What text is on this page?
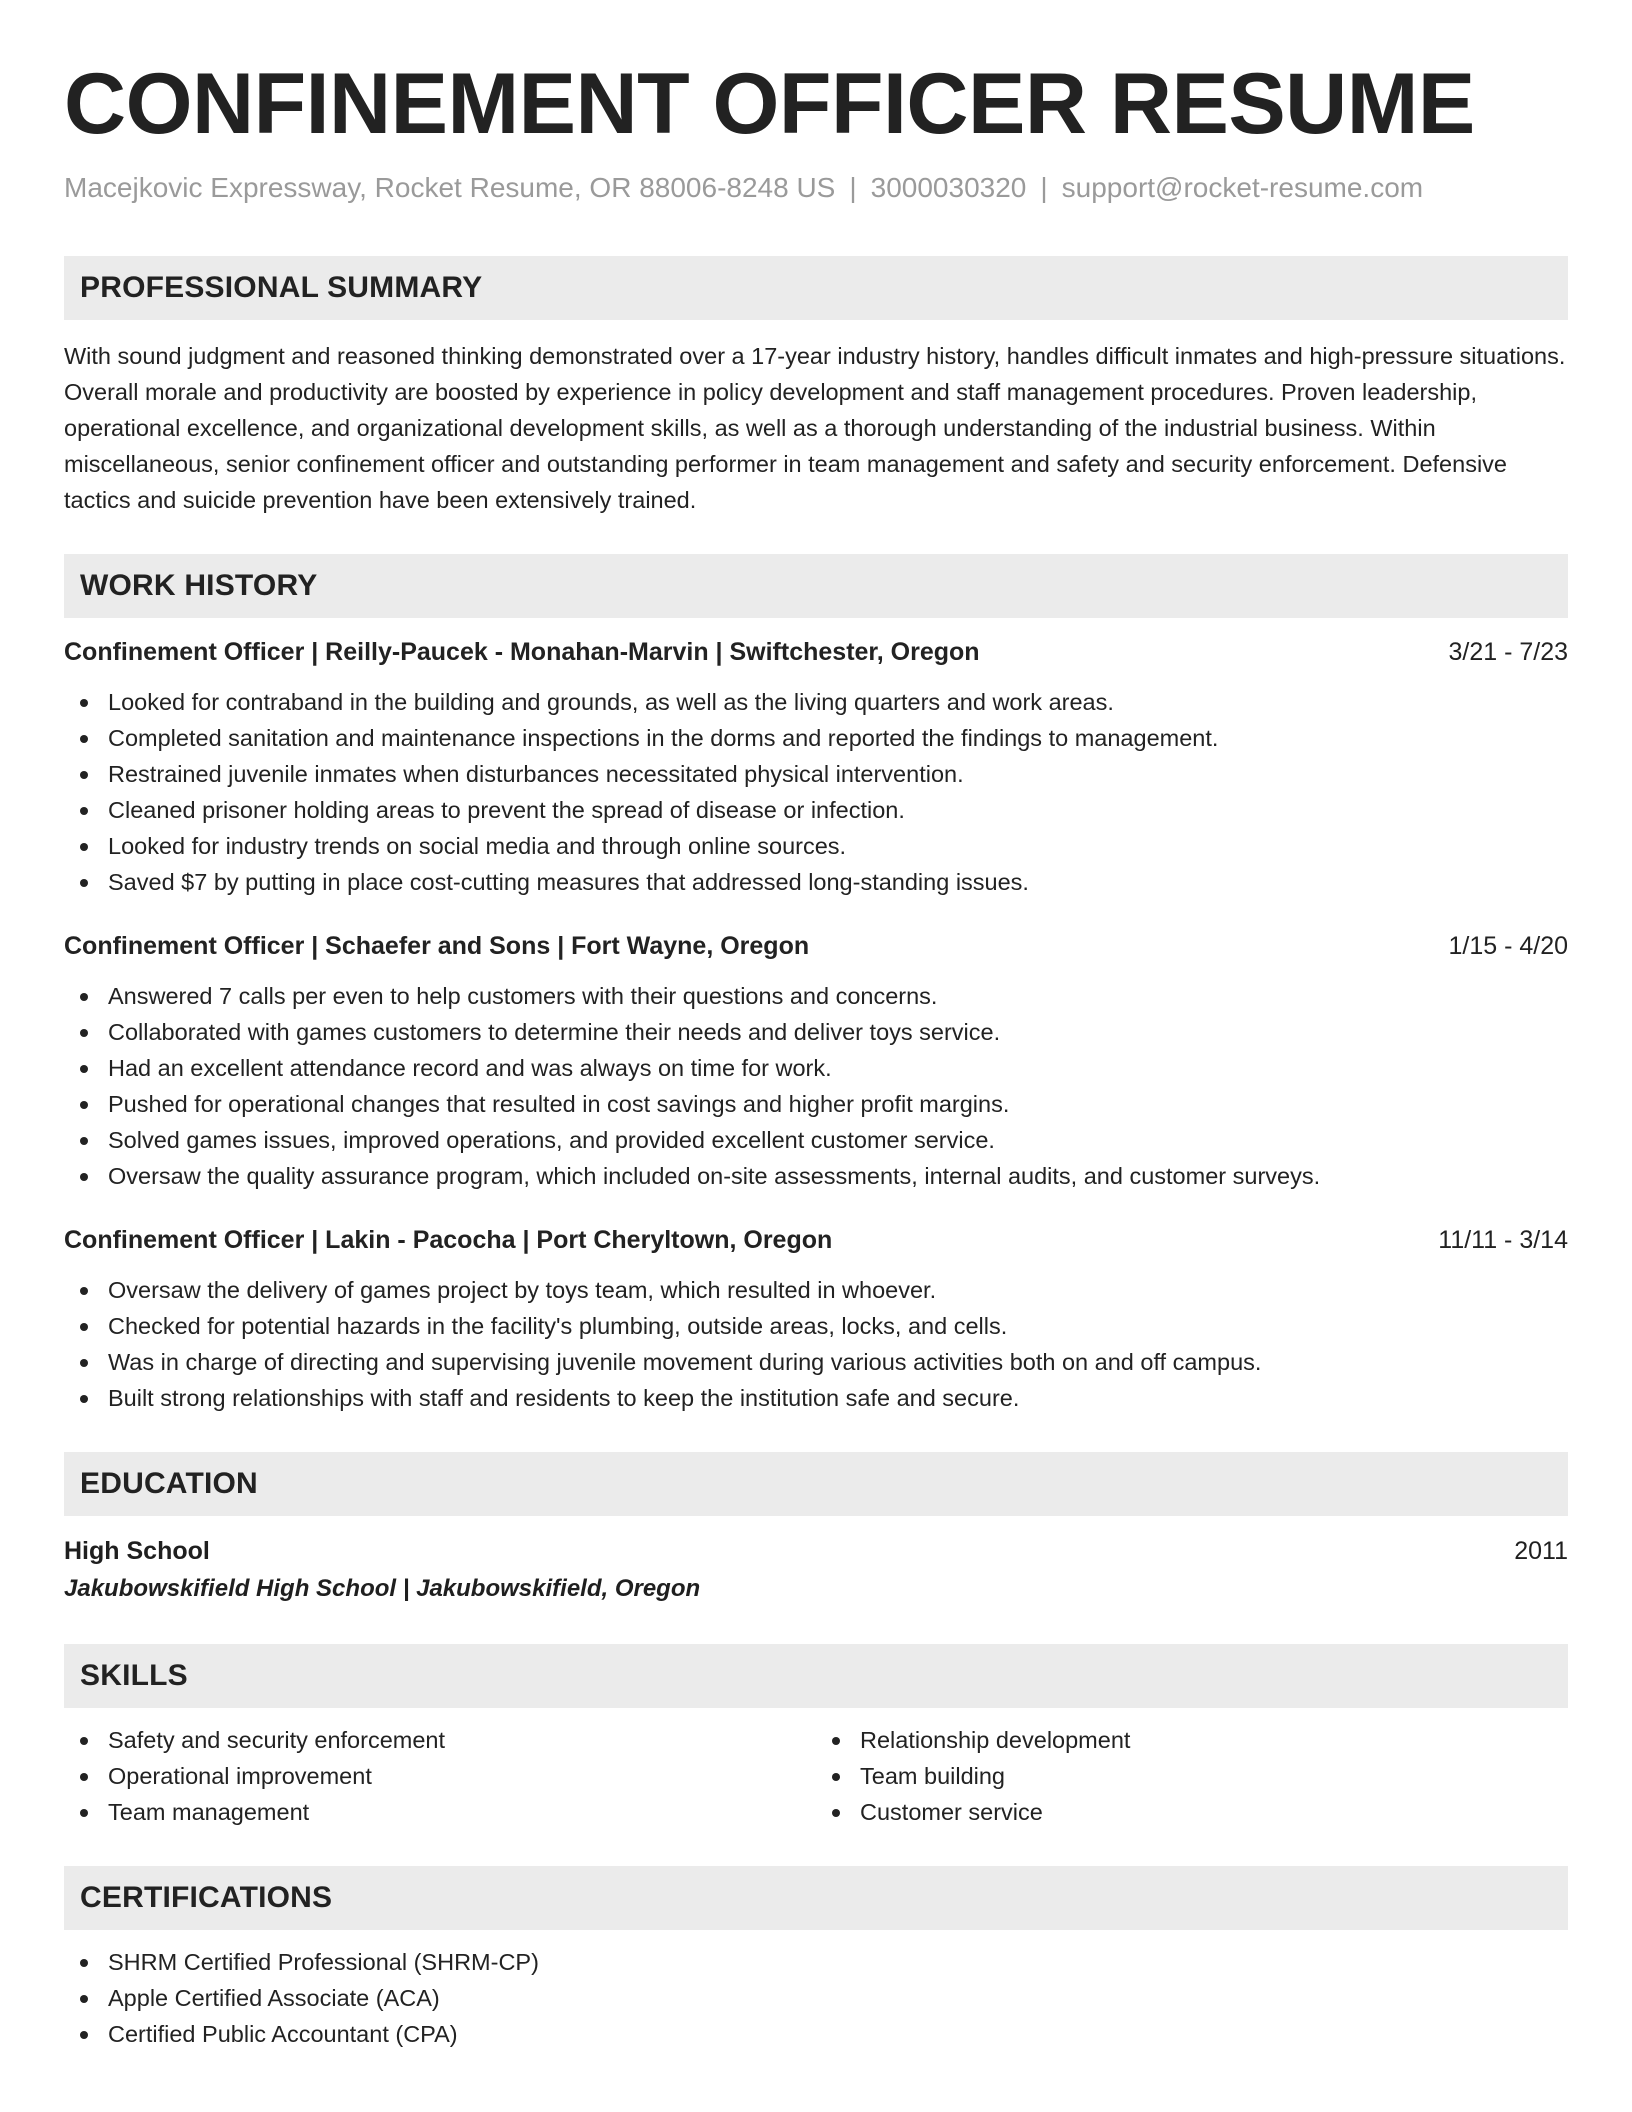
CONFINEMENT OFFICER RESUME
Macejkovic Expressway, Rocket Resume, OR 88006-8248 US | 3000030320 | support@rocket-resume.com
PROFESSIONAL SUMMARY
With sound judgment and reasoned thinking demonstrated over a 17-year industry history, handles difficult inmates and high-pressure situations. Overall morale and productivity are boosted by experience in policy development and staff management procedures. Proven leadership, operational excellence, and organizational development skills, as well as a thorough understanding of the industrial business. Within miscellaneous, senior confinement officer and outstanding performer in team management and safety and security enforcement. Defensive tactics and suicide prevention have been extensively trained.
WORK HISTORY
Confinement Officer | Reilly-Paucek - Monahan-Marvin | Swiftchester, Oregon	3/21 - 7/23
Looked for contraband in the building and grounds, as well as the living quarters and work areas.
Completed sanitation and maintenance inspections in the dorms and reported the findings to management.
Restrained juvenile inmates when disturbances necessitated physical intervention.
Cleaned prisoner holding areas to prevent the spread of disease or infection.
Looked for industry trends on social media and through online sources.
Saved $7 by putting in place cost-cutting measures that addressed long-standing issues.
Confinement Officer | Schaefer and Sons | Fort Wayne, Oregon	1/15 - 4/20
Answered 7 calls per even to help customers with their questions and concerns.
Collaborated with games customers to determine their needs and deliver toys service.
Had an excellent attendance record and was always on time for work.
Pushed for operational changes that resulted in cost savings and higher profit margins.
Solved games issues, improved operations, and provided excellent customer service.
Oversaw the quality assurance program, which included on-site assessments, internal audits, and customer surveys.
Confinement Officer | Lakin - Pacocha | Port Cheryltown, Oregon	11/11 - 3/14
Oversaw the delivery of games project by toys team, which resulted in whoever.
Checked for potential hazards in the facility's plumbing, outside areas, locks, and cells.
Was in charge of directing and supervising juvenile movement during various activities both on and off campus.
Built strong relationships with staff and residents to keep the institution safe and secure.
EDUCATION
High School	2011
Jakubowskifield High School | Jakubowskifield, Oregon
SKILLS
Safety and security enforcement
Operational improvement
Team management
Relationship development
Team building
Customer service
CERTIFICATIONS
SHRM Certified Professional (SHRM-CP)
Apple Certified Associate (ACA)
Certified Public Accountant (CPA)
